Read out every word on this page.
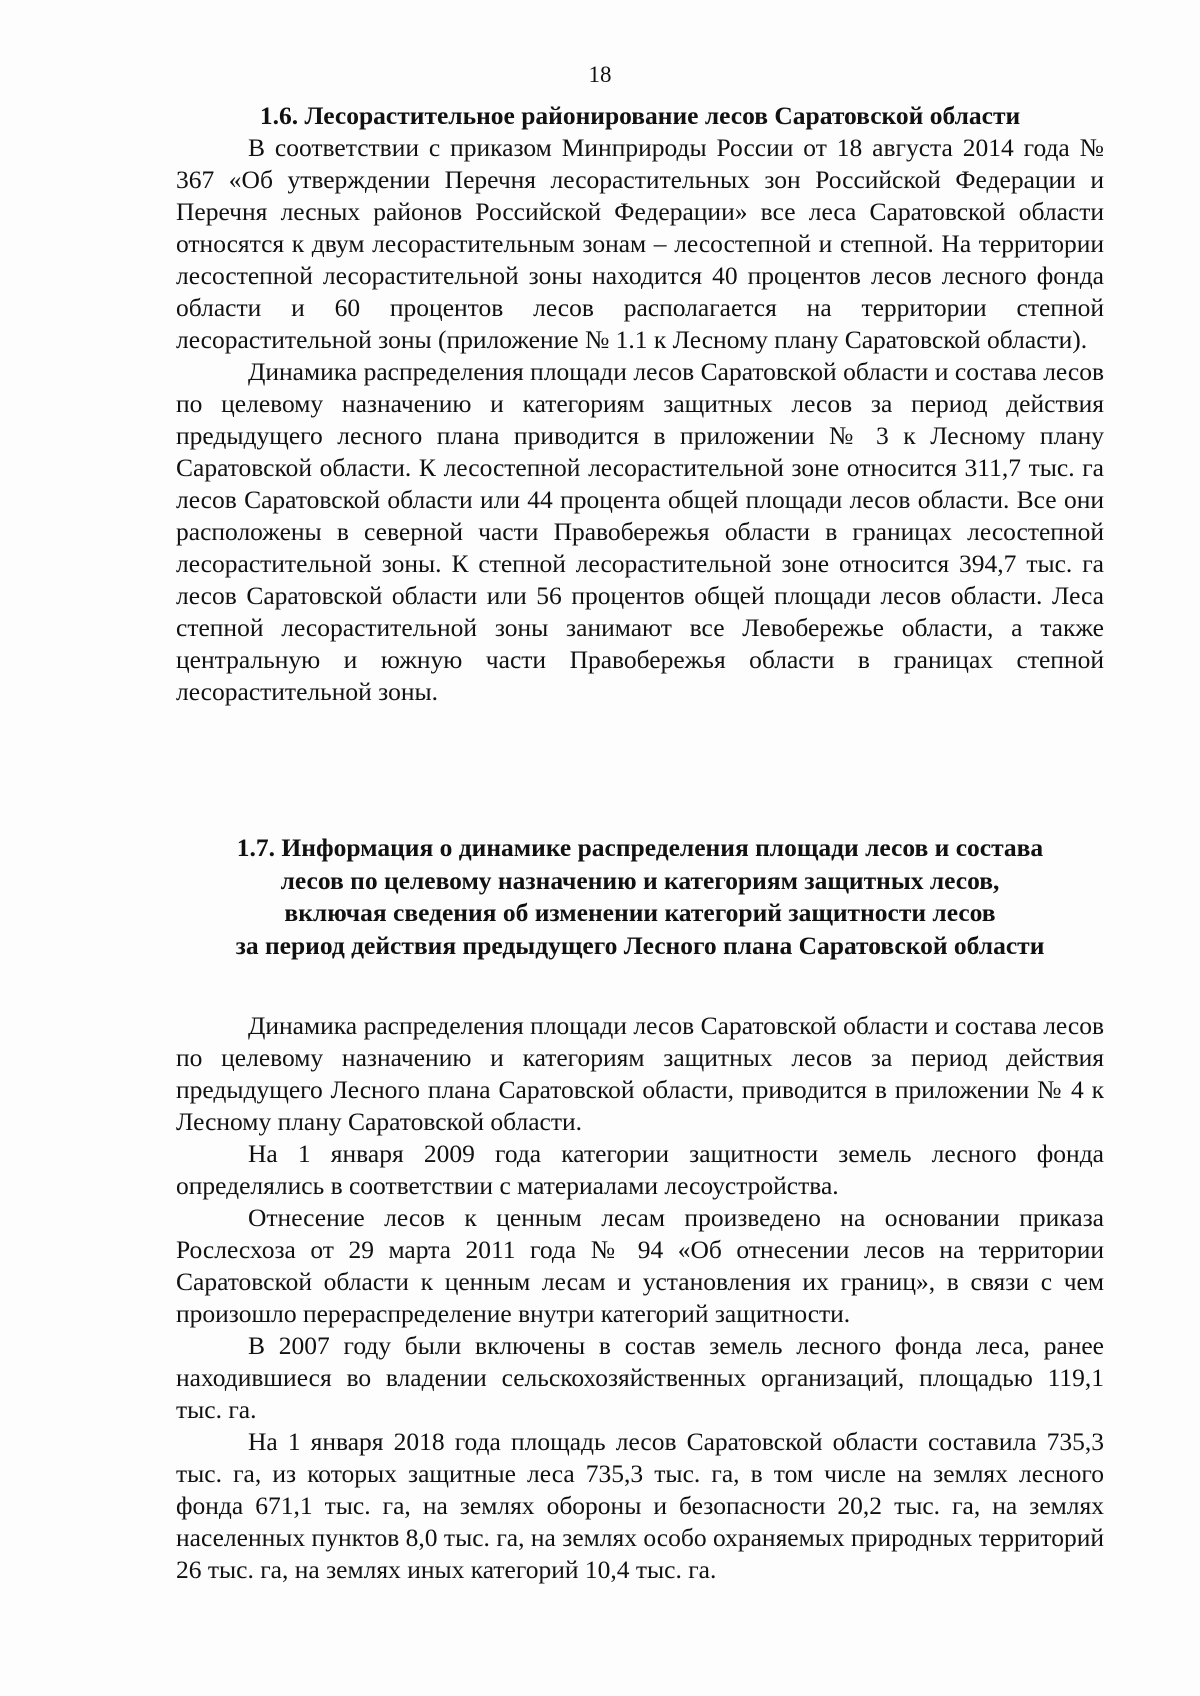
18
1.6. Лесорастительное районирование лесов Саратовской области

В соответствии с приказом Минприроды России от 18 августа 2014 года № 367 «Об утверждении Перечня лесорастительных зон Российской Федерации и Перечня лесных районов Российской Федерации» все леса Саратовской области относятся к двум лесорастительным зонам – лесостепной и степной. На территории лесостепной лесорастительной зоны находится 40 процентов лесов лесного фонда области и 60 процентов лесов располагается на территории степной лесорастительной зоны (приложение № 1.1 к Лесному плану Саратовской области).

Динамика распределения площади лесов Саратовской области и состава лесов по целевому назначению и категориям защитных лесов за период действия предыдущего лесного плана приводится в приложении № 3 к Лесному плану Саратовской области. К лесостепной лесорастительной зоне относится 311,7 тыс. га лесов Саратовской области или 44 процента общей площади лесов области. Все они расположены в северной части Правобережья области в границах лесостепной лесорастительной зоны. К степной лесорастительной зоне относится 394,7 тыс. га лесов Саратовской области или 56 процентов общей площади лесов области. Леса степной лесорастительной зоны занимают все Левобережье области, а также центральную и южную части Правобережья области в границах степной лесорастительной зоны.

1.7. Информация о динамике распределения площади лесов и состава
лесов по целевому назначению и категориям защитных лесов,
включая сведения об изменении категорий защитности лесов
за период действия предыдущего Лесного плана Саратовской области

Динамика распределения площади лесов Саратовской области и состава лесов по целевому назначению и категориям защитных лесов за период действия предыдущего Лесного плана Саратовской области, приводится в приложении № 4 к Лесному плану Саратовской области.

На 1 января 2009 года категории защитности земель лесного фонда определялись в соответствии с материалами лесоустройства.

Отнесение лесов к ценным лесам произведено на основании приказа Рослесхоза от 29 марта 2011 года № 94 «Об отнесении лесов на территории Саратовской области к ценным лесам и установления их границ», в связи с чем произошло перераспределение внутри категорий защитности.

В 2007 году были включены в состав земель лесного фонда леса, ранее находившиеся во владении сельскохозяйственных организаций, площадью 119,1 тыс. га.

На 1 января 2018 года площадь лесов Саратовской области составила 735,3 тыс. га, из которых защитные леса 735,3 тыс. га, в том числе на землях лесного фонда 671,1 тыс. га, на землях обороны и безопасности 20,2 тыс. га, на землях населенных пунктов 8,0 тыс. га, на землях особо охраняемых природных территорий 26 тыс. га, на землях иных категорий 10,4 тыс. га.
